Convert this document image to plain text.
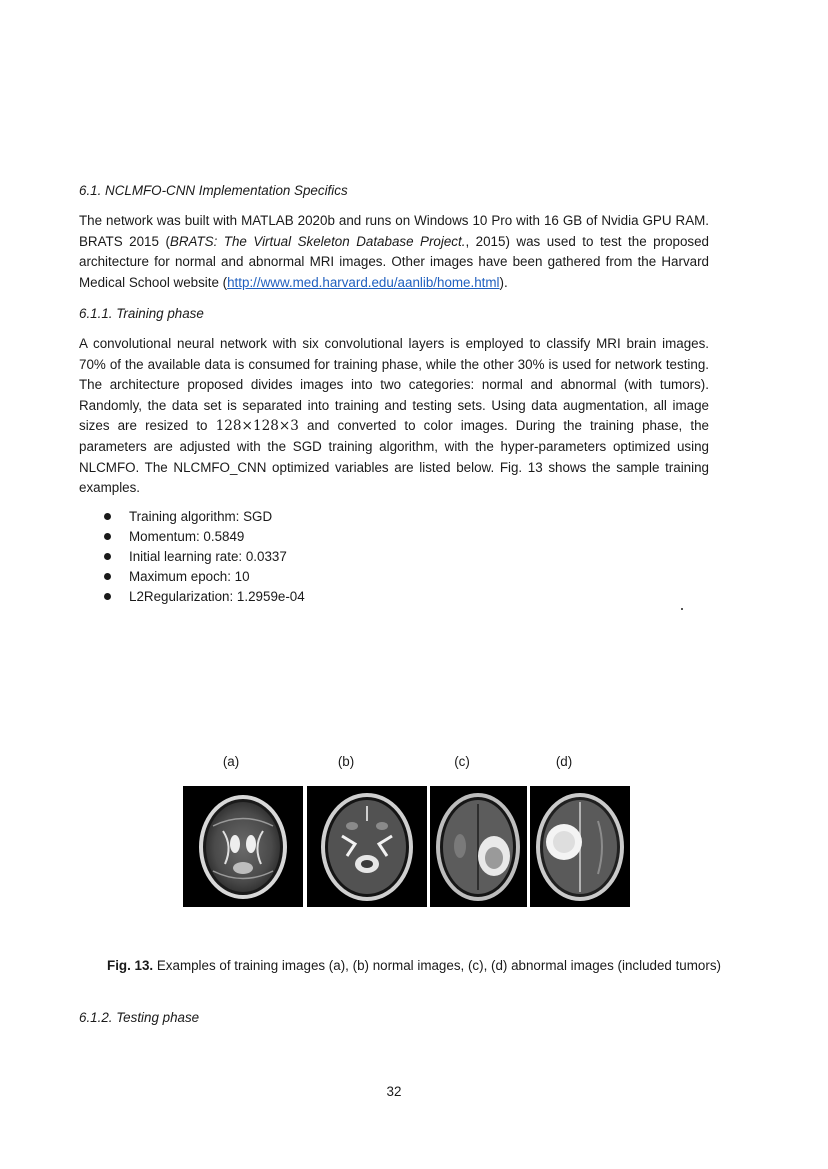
6.1. NCLMFO-CNN Implementation Specifics

The network was built with MATLAB 2020b and runs on Windows 10 Pro with 16 GB of Nvidia GPU RAM. BRATS 2015 (BRATS: The Virtual Skeleton Database Project., 2015) was used to test the proposed architecture for normal and abnormal MRI images. Other images have been gathered from the Harvard Medical School website (http://www.med.harvard.edu/aanlib/home.html).

6.1.1. Training phase

A convolutional neural network with six convolutional layers is employed to classify MRI brain images. 70% of the available data is consumed for training phase, while the other 30% is used for network testing. The architecture proposed divides images into two categories: normal and abnormal (with tumors). Randomly, the data set is separated into training and testing sets. Using data augmentation, all image sizes are resized to 128×128×3 and converted to color images. During the training phase, the parameters are adjusted with the SGD training algorithm, with the hyper-parameters optimized using NLCMFO. The NLCMFO_CNN optimized variables are listed below. Fig. 13 shows the sample training examples.

Training algorithm: SGD
Momentum: 0.5849
Initial learning rate: 0.0337
Maximum epoch: 10
L2Regularization: 1.2959e-04
(a)	(b)	(c)	(d)

Fig. 13. Examples of training images (a), (b) normal images, (c), (d) abnormal images (included tumors)

6.1.2. Testing phase
32
